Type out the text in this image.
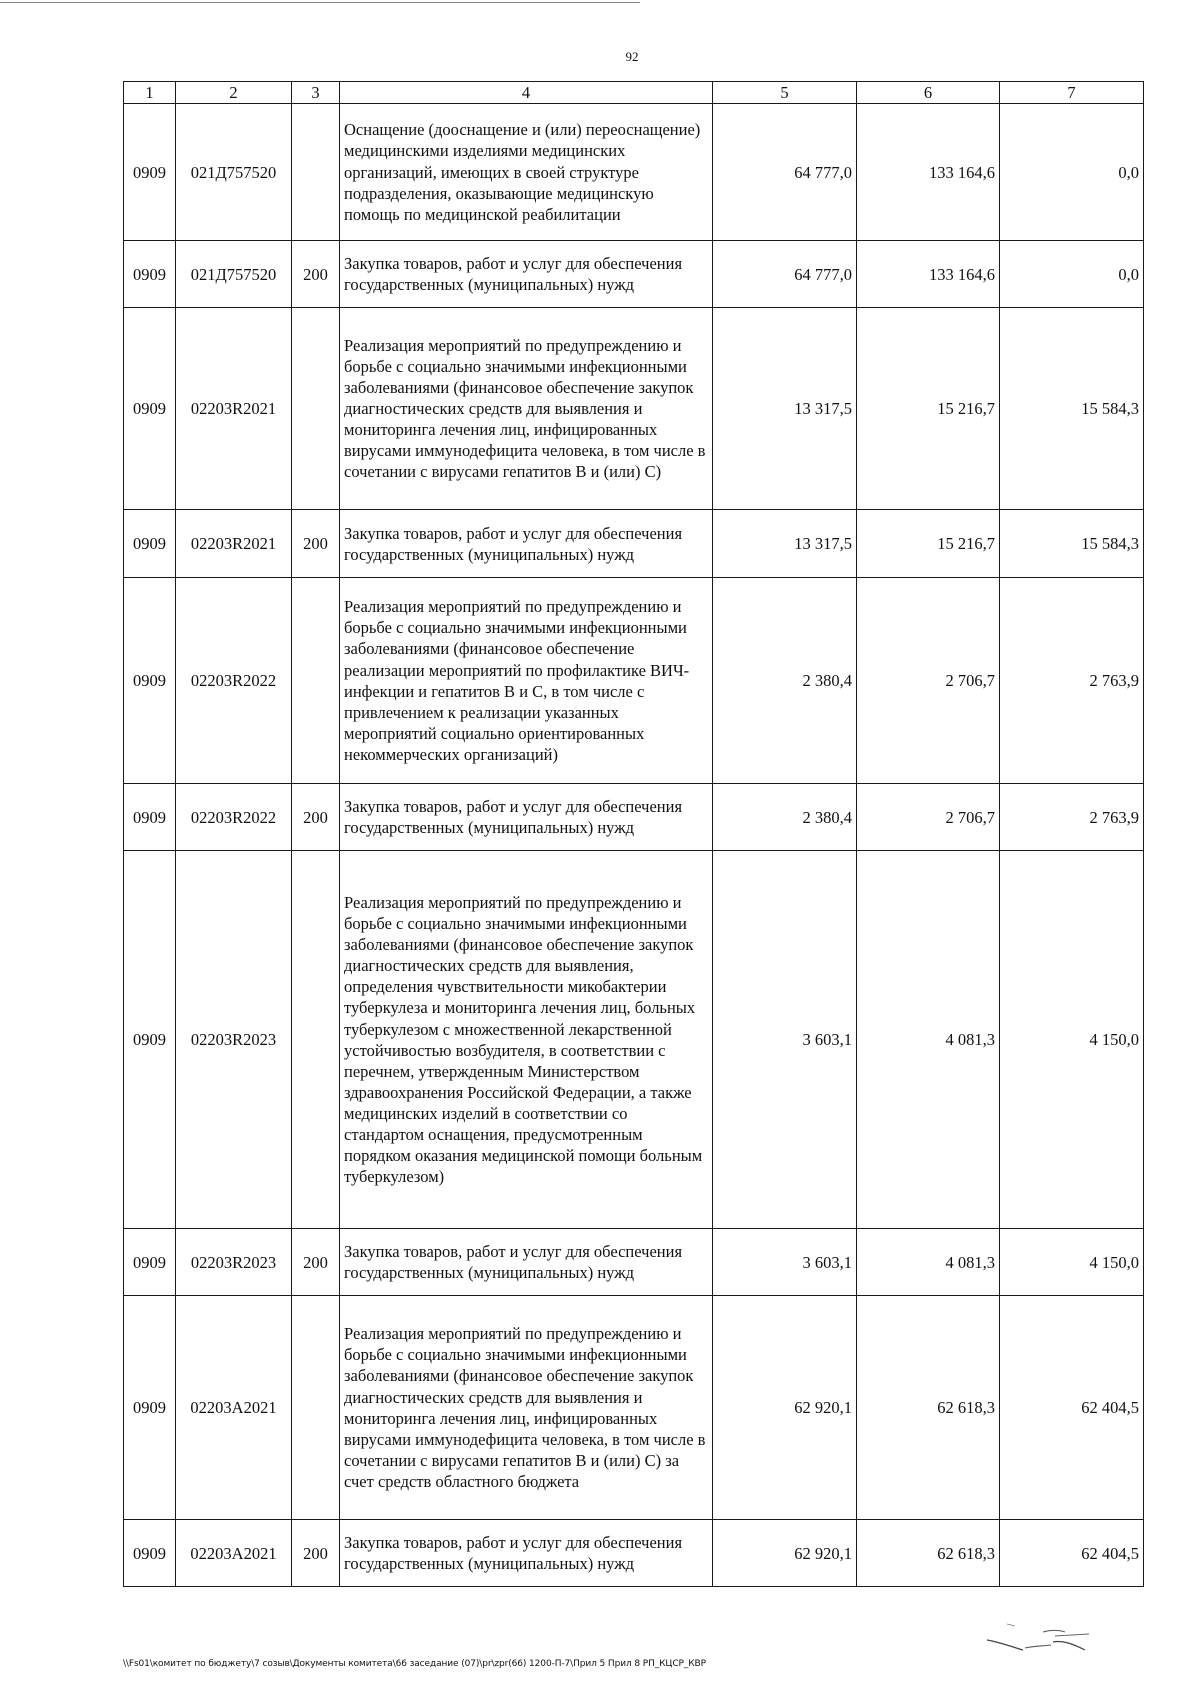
92
1	2	3	4	5	6	7
0909	021Д757520		Оснащение (дооснащение и (или) переоснащение) медицинскими изделиями медицинских организаций, имеющих в своей структуре подразделения, оказывающие медицинскую помощь по медицинской реабилитации	64 777,0	133 164,6	0,0
0909	021Д757520	200	Закупка товаров, работ и услуг для обеспечения государственных (муниципальных) нужд	64 777,0	133 164,6	0,0
0909	02203R2021		Реализация мероприятий по предупреждению и борьбе с социально значимыми инфекционными заболеваниями (финансовое обеспечение закупок диагностических средств для выявления и мониторинга лечения лиц, инфицированных вирусами иммунодефицита человека, в том числе в сочетании с вирусами гепатитов B и (или) C)	13 317,5	15 216,7	15 584,3
0909	02203R2021	200	Закупка товаров, работ и услуг для обеспечения государственных (муниципальных) нужд	13 317,5	15 216,7	15 584,3
0909	02203R2022		Реализация мероприятий по предупреждению и борьбе с социально значимыми инфекционными заболеваниями (финансовое обеспечение реализации мероприятий по профилактике ВИЧ-инфекции и гепатитов B и C, в том числе с привлечением к реализации указанных мероприятий социально ориентированных некоммерческих организаций)	2 380,4	2 706,7	2 763,9
0909	02203R2022	200	Закупка товаров, работ и услуг для обеспечения государственных (муниципальных) нужд	2 380,4	2 706,7	2 763,9
0909	02203R2023		Реализация мероприятий по предупреждению и борьбе с социально значимыми инфекционными заболеваниями (финансовое обеспечение закупок диагностических средств для выявления, определения чувствительности микобактерии туберкулеза и мониторинга лечения лиц, больных туберкулезом с множественной лекарственной устойчивостью возбудителя, в соответствии с перечнем, утвержденным Министерством здравоохранения Российской Федерации, а также медицинских изделий в соответствии со стандартом оснащения, предусмотренным порядком оказания медицинской помощи больным туберкулезом)	3 603,1	4 081,3	4 150,0
0909	02203R2023	200	Закупка товаров, работ и услуг для обеспечения государственных (муниципальных) нужд	3 603,1	4 081,3	4 150,0
0909	02203A2021		Реализация мероприятий по предупреждению и борьбе с социально значимыми инфекционными заболеваниями (финансовое обеспечение закупок диагностических средств для выявления и мониторинга лечения лиц, инфицированных вирусами иммунодефицита человека, в том числе в сочетании с вирусами гепатитов B и (или) C) за счет средств областного бюджета	62 920,1	62 618,3	62 404,5
0909	02203A2021	200	Закупка товаров, работ и услуг для обеспечения государственных (муниципальных) нужд	62 920,1	62 618,3	62 404,5
\\Fs01\комитет по бюджету\7 созыв\Документы комитета\66 заседание (07)\pr\zpr(66) 1200-П-7\Прил 5 Прил 8 РП_КЦСР_КВР
